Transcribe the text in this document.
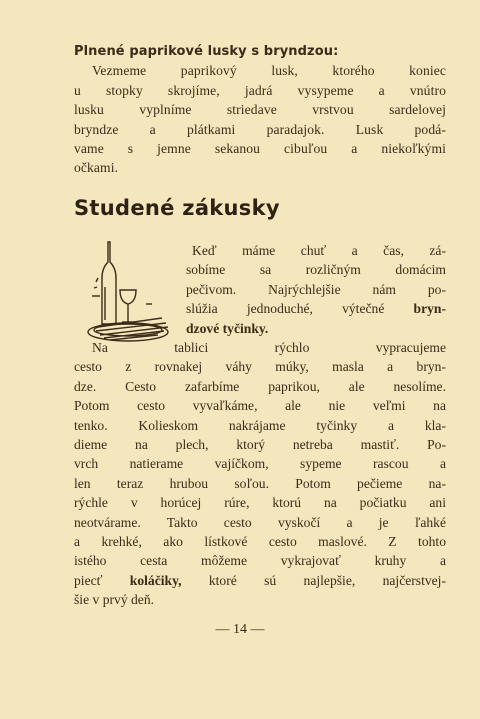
Plnené paprikové lusky s bryndzou:
Vezmeme paprikový lusk, ktorého koniec
u stopky skrojíme, jadrá vysypeme a vnútro
lusku vyplníme striedave vrstvou sardelovej
bryndze a plátkami paradajok. Lusk podá-
vame s jemne sekanou cibuľou a niekoľkými
očkami.
Studené zákusky
Keď máme chuť a čas, zá-
sobíme sa rozličným domácim
pečivom. Najrýchlejšie nám po-
slúžia jednoduché, výtečné bryn-
dzové tyčinky.
Na tablici rýchlo vypracujeme
cesto z rovnakej váhy múky, masla a bryn-
dze. Cesto zafarbíme paprikou, ale nesolíme.
Potom cesto vyvaľkáme, ale nie veľmi na
tenko. Kolieskom nakrájame tyčinky a kla-
dieme na plech, ktorý netreba mastiť. Po-
vrch natierame vajíčkom, sypeme rascou a
len teraz hrubou soľou. Potom pečieme na-
rýchle v horúcej rúre, ktorú na počiatku ani
neotvárame. Takto cesto vyskočí a je ľahké
a krehké, ako lístkové cesto maslové. Z tohto
istého cesta môžeme vykrajovať kruhy a
piecť koláčiky, ktoré sú najlepšie, najčerstvej-
šie v prvý deň.
— 14 —
